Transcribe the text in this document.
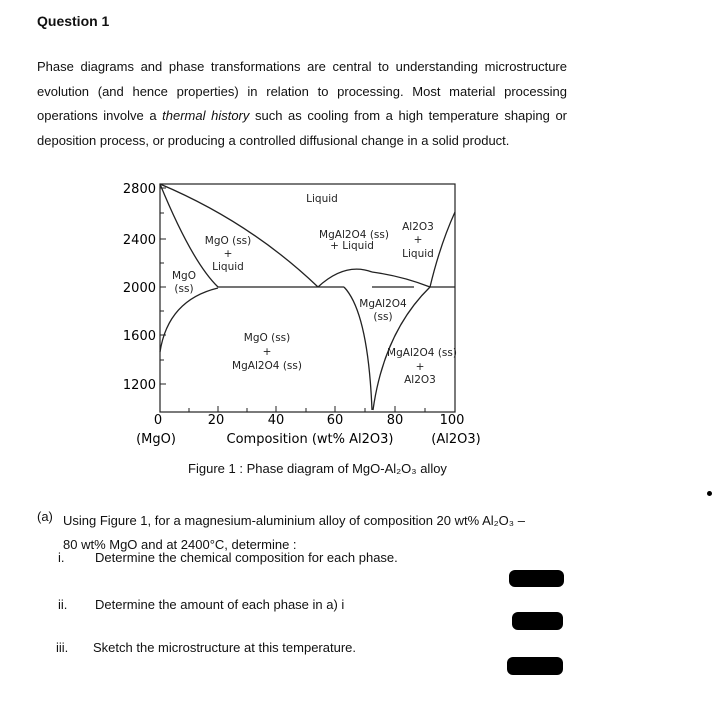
Question 1
Phase diagrams and phase transformations are central to understanding microstructure evolution (and hence properties) in relation to processing. Most material processing operations involve a thermal history such as cooling from a high temperature shaping or deposition process, or producing a controlled diffusional change in a solid product.
2800
2400
2000
1600
1200
0	20	40	60	80	100
(MgO)	Composition (wt% Al2O3)	(Al2O3)
Liquid
MgO (ss)
+
Liquid
MgO
(ss)
MgAl2O4 (ss)
+ Liquid
Al2O3
+
Liquid
MgAl2O4
(ss)
MgO (ss)
+
MgAl2O4 (ss)
MgAl2O4 (ss)
+
Al2O3
Figure 1 : Phase diagram of MgO-Al₂O₃ alloy
(a) Using Figure 1, for a magnesium-aluminium alloy of composition 20 wt% Al₂O₃ –
80 wt% MgO and at 2400°C, determine :
i. Determine the chemical composition for each phase.
ii. Determine the amount of each phase in a) i
iii. Sketch the microstructure at this temperature.
